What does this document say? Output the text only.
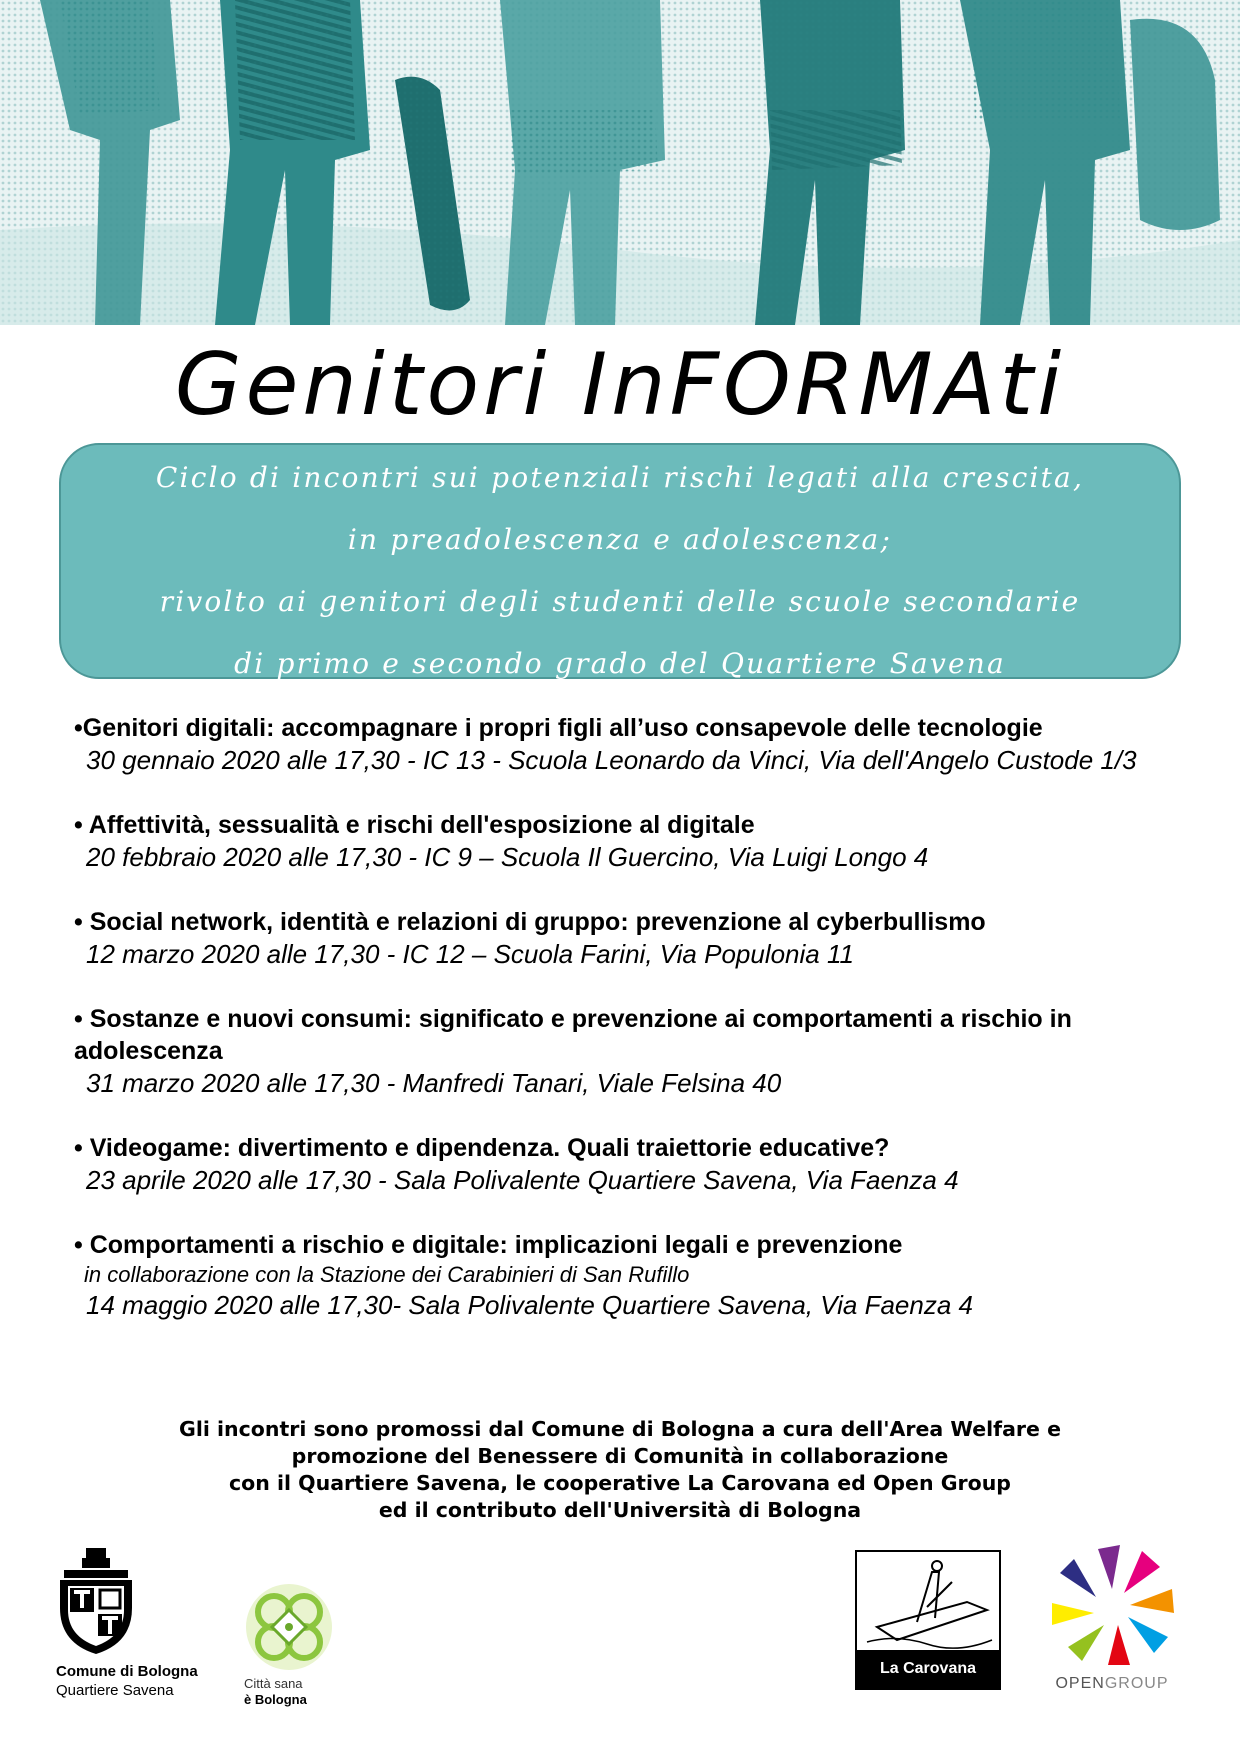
Genitori InFORMAti
Ciclo di incontri sui potenziali rischi legati alla crescita,
in preadolescenza e adolescenza;
rivolto ai genitori degli studenti delle scuole secondarie
di primo e secondo grado del Quartiere Savena
•Genitori digitali: accompagnare i propri figli all’uso consapevole delle tecnologie
30 gennaio 2020 alle 17,30 - IC 13 - Scuola Leonardo da Vinci, Via dell'Angelo Custode 1/3
• Affettività, sessualità e rischi dell'esposizione al digitale
20 febbraio 2020 alle 17,30 - IC 9 – Scuola Il Guercino, Via Luigi Longo 4
• Social network, identità e relazioni di gruppo: prevenzione al cyberbullismo
12 marzo 2020 alle 17,30 - IC 12 – Scuola Farini, Via Populonia 11
• Sostanze e nuovi consumi: significato e prevenzione ai comportamenti a rischio in adolescenza
31 marzo 2020 alle 17,30 - Manfredi Tanari, Viale Felsina 40
• Videogame: divertimento e dipendenza. Quali traiettorie educative?
23 aprile 2020 alle 17,30 - Sala Polivalente Quartiere Savena, Via Faenza 4
• Comportamenti a rischio e digitale: implicazioni legali e prevenzione
in collaborazione con la Stazione dei Carabinieri di San Rufillo
14 maggio 2020 alle 17,30- Sala Polivalente Quartiere Savena, Via Faenza 4
Gli incontri sono promossi dal Comune di Bologna a cura dell'Area Welfare e
promozione del Benessere di Comunità in collaborazione
con il Quartiere Savena, le cooperative La Carovana ed Open Group
ed il contributo dell'Università di Bologna
Comune di Bologna
Quartiere Savena	Città sana
è Bologna
La Carovana Onlus
OPENGROUP
